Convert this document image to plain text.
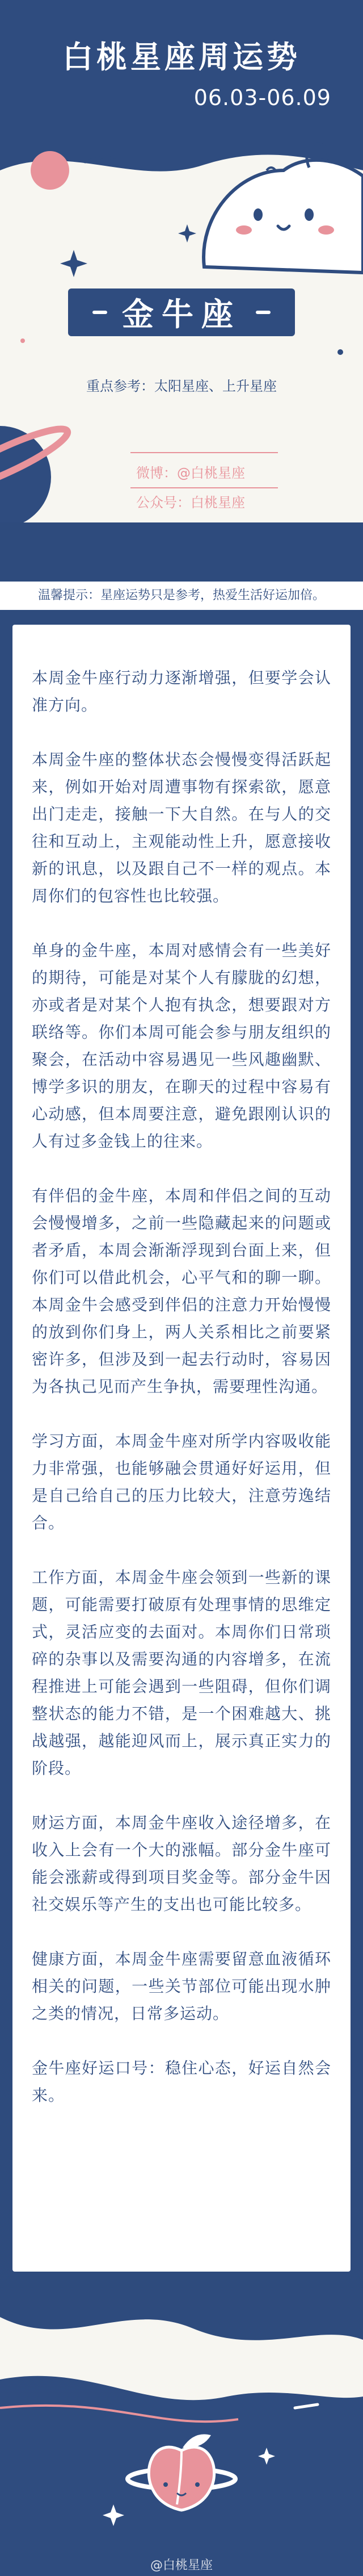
白桃星座周运势
06.03-06.09
金牛座
重点参考：太阳星座、上升星座
微博：@白桃星座
公众号：白桃星座
温馨提示：星座运势只是参考，热爱生活好运加倍。

本周金牛座行动力逐渐增强，但要学会认准方向。

本周金牛座的整体状态会慢慢变得活跃起来，例如开始对周遭事物有探索欲，愿意出门走走，接触一下大自然。在与人的交往和互动上，主观能动性上升，愿意接收新的讯息，以及跟自己不一样的观点。本周你们的包容性也比较强。

单身的金牛座，本周对感情会有一些美好的期待，可能是对某个人有朦胧的幻想，亦或者是对某个人抱有执念，想要跟对方联络等。你们本周可能会参与朋友组织的聚会，在活动中容易遇见一些风趣幽默、博学多识的朋友，在聊天的过程中容易有心动感，但本周要注意，避免跟刚认识的人有过多金钱上的往来。

有伴侣的金牛座，本周和伴侣之间的互动会慢慢增多，之前一些隐藏起来的问题或者矛盾，本周会渐渐浮现到台面上来，但你们可以借此机会，心平气和的聊一聊。本周金牛会感受到伴侣的注意力开始慢慢的放到你们身上，两人关系相比之前要紧密许多，但涉及到一起去行动时，容易因为各执己见而产生争执，需要理性沟通。

学习方面，本周金牛座对所学内容吸收能力非常强，也能够融会贯通好好运用，但是自己给自己的压力比较大，注意劳逸结合。

工作方面，本周金牛座会领到一些新的课题，可能需要打破原有处理事情的思维定式，灵活应变的去面对。本周你们日常琐碎的杂事以及需要沟通的内容增多，在流程推进上可能会遇到一些阻碍，但你们调整状态的能力不错，是一个困难越大、挑战越强，越能迎风而上，展示真正实力的阶段。

财运方面，本周金牛座收入途径增多，在收入上会有一个大的涨幅。部分金牛座可能会涨薪或得到项目奖金等。部分金牛因社交娱乐等产生的支出也可能比较多。

健康方面，本周金牛座需要留意血液循环相关的问题，一些关节部位可能出现水肿之类的情况，日常多运动。

金牛座好运口号：稳住心态，好运自然会来。

@白桃星座
